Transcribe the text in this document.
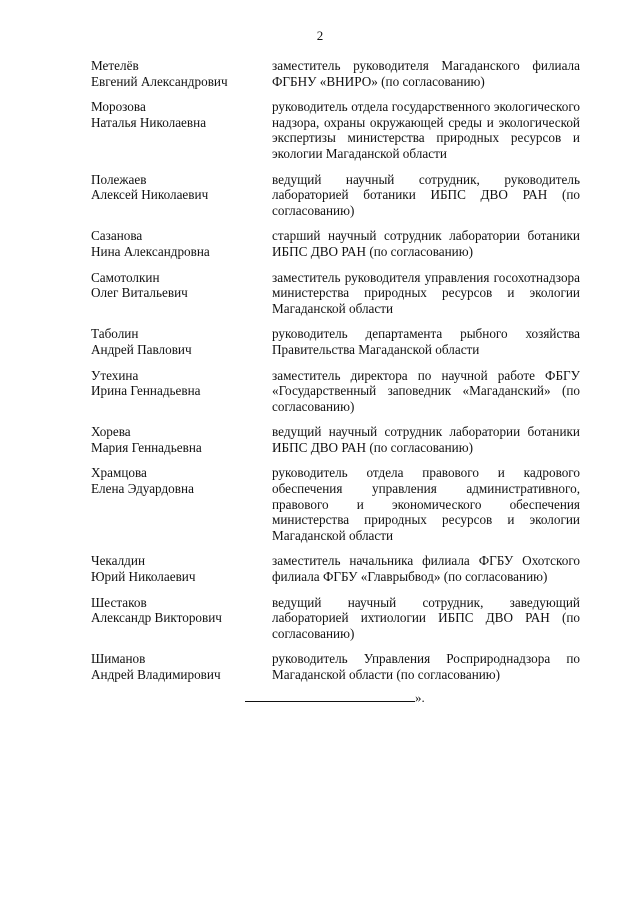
2
Метелёв
Евгений Александрович
заместитель руководителя Магаданского филиала ФГБНУ «ВНИРО» (по согласованию)
Морозова
Наталья Николаевна
руководитель отдела государственного экологического надзора, охраны окружающей среды и экологической экспертизы министерства природных ресурсов и экологии Магаданской области
Полежаев
Алексей Николаевич
ведущий научный сотрудник, руководитель лабораторией ботаники ИБПС ДВО РАН (по согласованию)
Сазанова
Нина Александровна
старший научный сотрудник лаборатории ботаники ИБПС ДВО РАН (по согласованию)
Самотолкин
Олег Витальевич
заместитель руководителя управления госохотнадзора министерства природных ресурсов и экологии Магаданской области
Таболин
Андрей Павлович
руководитель департамента рыбного хозяйства Правительства Магаданской области
Утехина
Ирина Геннадьевна
заместитель директора по научной работе ФБГУ «Государственный заповедник «Магаданский» (по согласованию)
Хорева
Мария Геннадьевна
ведущий научный сотрудник лаборатории ботаники ИБПС ДВО РАН (по согласованию)
Храмцова
Елена Эдуардовна
руководитель отдела правового и кадрового обеспечения управления административного, правового и экономического обеспечения министерства природных ресурсов и экологии Магаданской области
Чекалдин
Юрий Николаевич
заместитель начальника филиала ФГБУ Охотского филиала ФГБУ «Главрыбвод» (по согласованию)
Шестаков
Александр Викторович
ведущий научный сотрудник, заведующий лабораторией ихтиологии ИБПС ДВО РАН (по согласованию)
Шиманов
Андрей Владимирович
руководитель Управления Росприроднадзора по Магаданской области (по согласованию)
».
